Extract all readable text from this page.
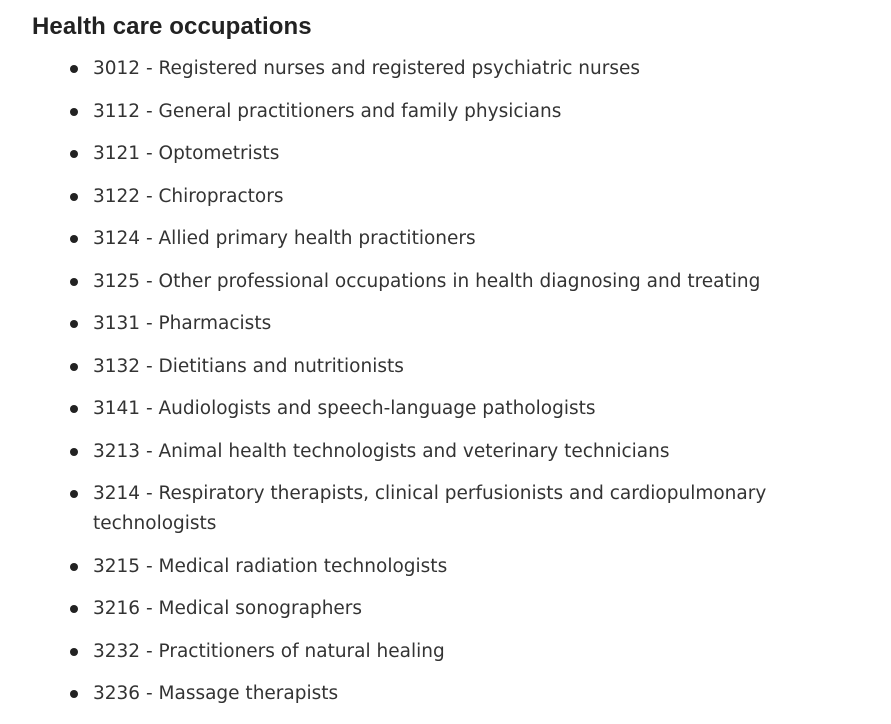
Health care occupations
3012 - Registered nurses and registered psychiatric nurses
3112 - General practitioners and family physicians
3121 - Optometrists
3122 - Chiropractors
3124 - Allied primary health practitioners
3125 - Other professional occupations in health diagnosing and treating
3131 - Pharmacists
3132 - Dietitians and nutritionists
3141 - Audiologists and speech-language pathologists
3213 - Animal health technologists and veterinary technicians
3214 - Respiratory therapists, clinical perfusionists and cardiopulmonary technologists
3215 - Medical radiation technologists
3216 - Medical sonographers
3232 - Practitioners of natural healing
3236 - Massage therapists
